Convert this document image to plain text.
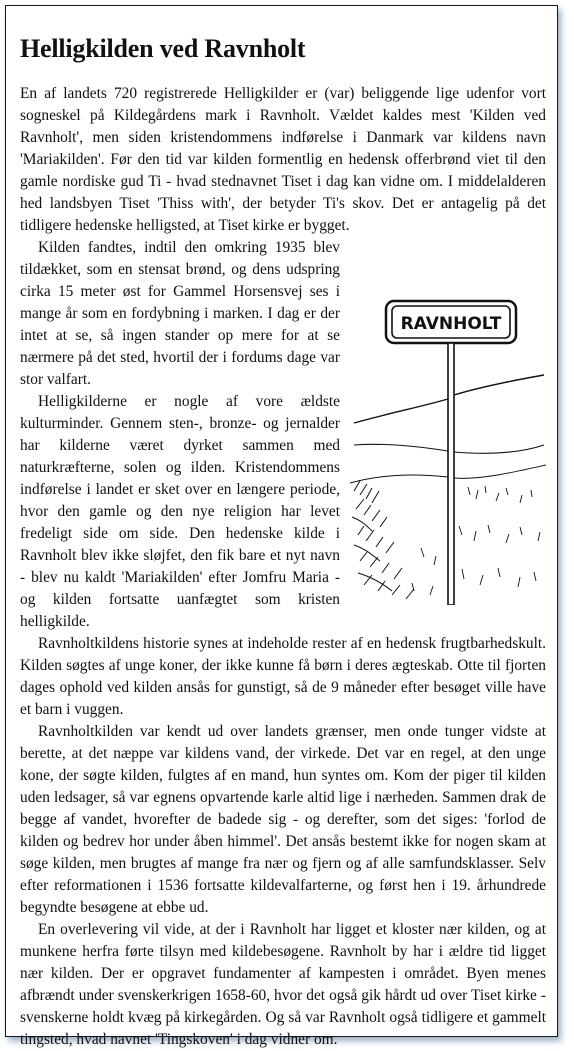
Helligkilden ved Ravnholt

En af landets 720 registrerede Helligkilder er (var) beliggende lige udenfor vort sogneskel på Kildegårdens mark i Ravnholt. Vældet kaldes mest 'Kilden ved Ravnholt', men siden kristendommens indførelse i Danmark var kildens navn 'Mariakilden'. Før den tid var kilden formentlig en hedensk offerbrønd viet til den gamle nordiske gud Ti - hvad stednavnet Tiset i dag kan vidne om. I middelalderen hed landsbyen Tiset 'Thiss with', der betyder Ti's skov. Det er antagelig på det tidligere hedenske helligsted, at Tiset kirke er bygget.

RAVNHOLT

Kilden fandtes, indtil den omkring 1935 blev tildækket, som en stensat brønd, og dens udspring cirka 15 meter øst for Gammel Horsensvej ses i mange år som en fordybning i marken. I dag er der intet at se, så ingen stander op mere for at se nærmere på det sted, hvortil der i fordums dage var stor valfart.

Helligkilderne er nogle af vore ældste kulturminder. Gennem sten-, bronze- og jernalder har kilderne været dyrket sammen med naturkræfterne, solen og ilden. Kristendommens indførelse i landet er sket over en længere periode, hvor den gamle og den nye religion har levet fredeligt side om side. Den hedenske kilde i Ravnholt blev ikke sløjfet, den fik bare et nyt navn - blev nu kaldt 'Mariakilden' efter Jomfru Maria - og kilden fortsatte uanfægtet som kristen helligkilde.

Ravnholtkildens historie synes at indeholde rester af en hedensk frugtbarhedskult. Kilden søgtes af unge koner, der ikke kunne få børn i deres ægteskab. Otte til fjorten dages ophold ved kilden ansås for gunstigt, så de 9 måneder efter besøget ville have et barn i vuggen.

Ravnholtkilden var kendt ud over landets grænser, men onde tunger vidste at berette, at det næppe var kildens vand, der virkede. Det var en regel, at den unge kone, der søgte kilden, fulgtes af en mand, hun syntes om. Kom der piger til kilden uden ledsager, så var egnens opvartende karle altid lige i nærheden. Sammen drak de begge af vandet, hvorefter de badede sig - og derefter, som det siges: 'forlod de kilden og bedrev hor under åben himmel'. Det ansås bestemt ikke for nogen skam at søge kilden, men brugtes af mange fra nær og fjern og af alle samfundsklasser. Selv efter reformationen i 1536 fortsatte kildevalfarterne, og først hen i 19. århundrede begyndte besøgene at ebbe ud.

En overlevering vil vide, at der i Ravnholt har ligget et kloster nær kilden, og at munkene herfra førte tilsyn med kildebesøgene. Ravnholt by har i ældre tid ligget nær kilden. Der er opgravet fundamenter af kampesten i området. Byen menes afbrændt under svenskerkrigen 1658-60, hvor det også gik hårdt ud over Tiset kirke - svenskerne holdt kvæg på kirkegården. Og så var Ravnholt også tidligere et gammelt tingsted, hvad navnet 'Tingskoven' i dag vidner om.
